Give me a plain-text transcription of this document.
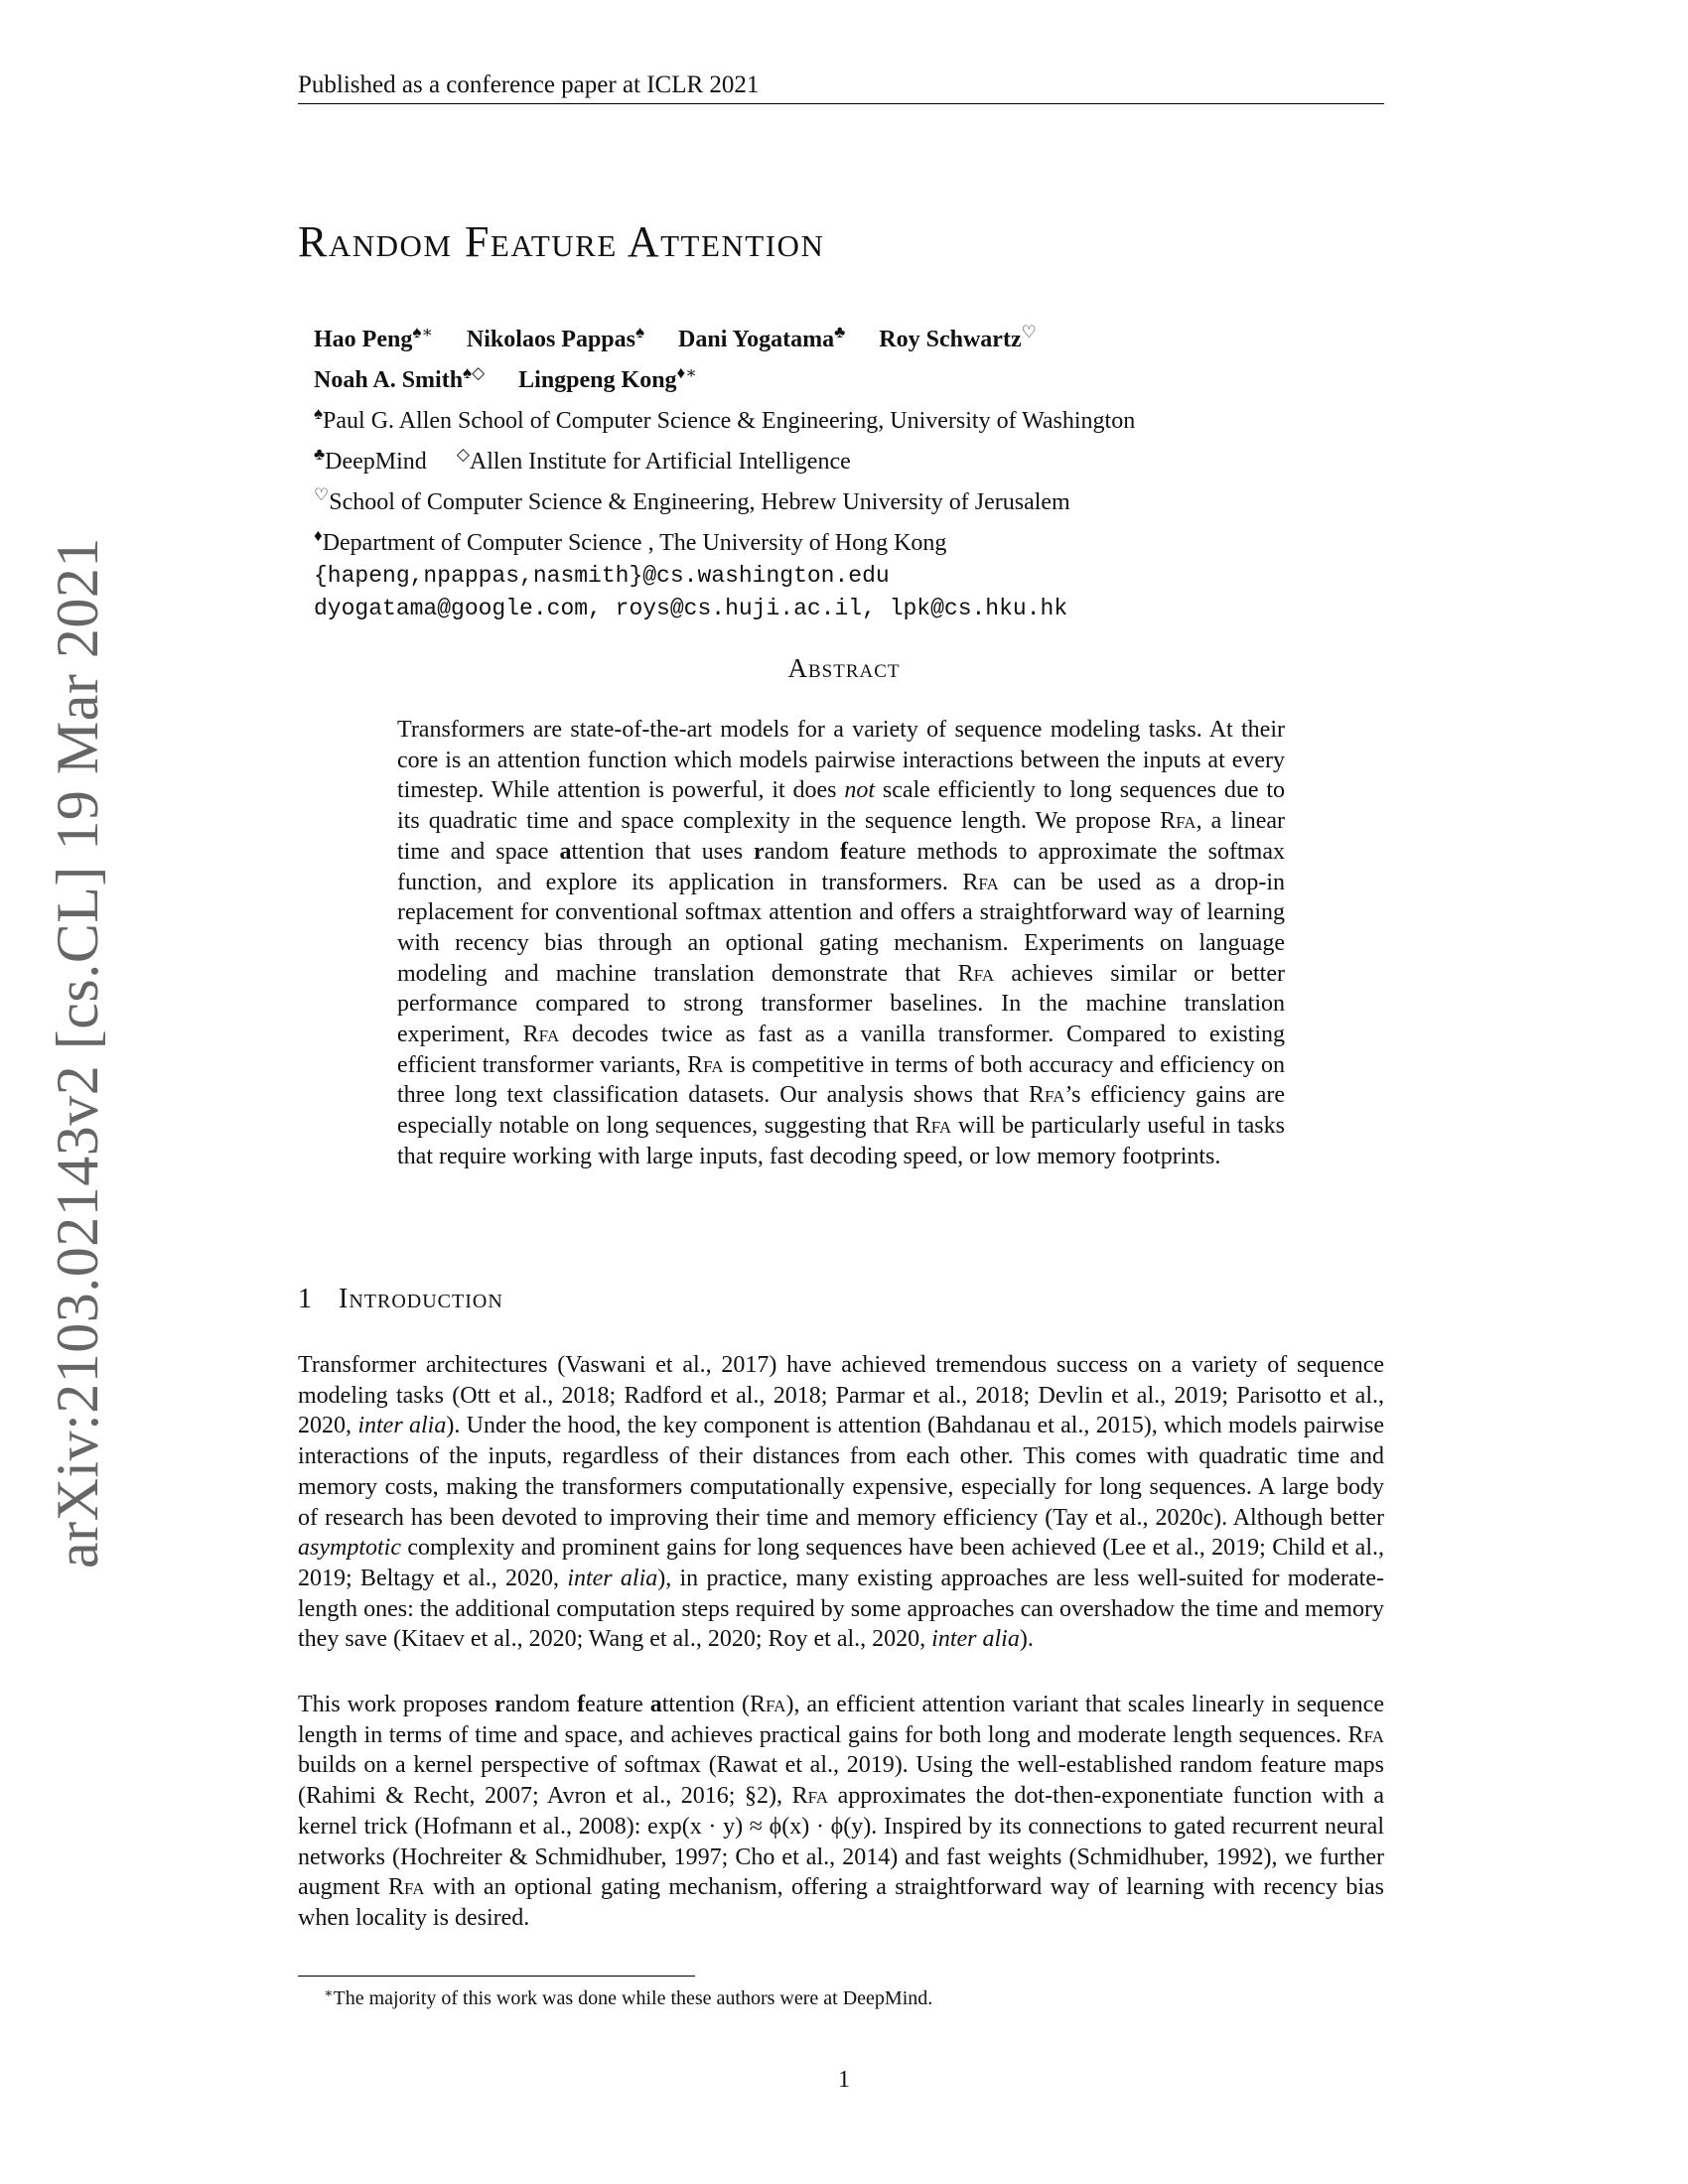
Published as a conference paper at ICLR 2021
Random Feature Attention
Hao Peng♠∗ Nikolaos Pappas♠ Dani Yogatama♣ Roy Schwartz♡
Noah A. Smith♠◇ Lingpeng Kong♦∗
♠Paul G. Allen School of Computer Science & Engineering, University of Washington
♣DeepMind ◇Allen Institute for Artificial Intelligence
♡School of Computer Science & Engineering, Hebrew University of Jerusalem
♦Department of Computer Science , The University of Hong Kong
{hapeng,npappas,nasmith}@cs.washington.edu
dyogatama@google.com, roys@cs.huji.ac.il, lpk@cs.hku.hk
Abstract
Transformers are state-of-the-art models for a variety of sequence modeling tasks. At their core is an attention function which models pairwise interactions between the inputs at every timestep. While attention is powerful, it does not scale efficiently to long sequences due to its quadratic time and space complexity in the sequence length. We propose Rfa, a linear time and space attention that uses random feature methods to approximate the softmax function, and explore its application in transformers. Rfa can be used as a drop-in replacement for conventional softmax attention and offers a straightforward way of learning with recency bias through an optional gating mechanism. Experiments on language modeling and machine translation demonstrate that Rfa achieves similar or better performance compared to strong transformer baselines. In the machine translation experiment, Rfa decodes twice as fast as a vanilla transformer. Compared to existing efficient transformer variants, Rfa is competitive in terms of both accuracy and efficiency on three long text classification datasets. Our analysis shows that Rfa’s efficiency gains are especially notable on long sequences, suggesting that Rfa will be particularly useful in tasks that require working with large inputs, fast decoding speed, or low memory footprints.
1 Introduction
Transformer architectures (Vaswani et al., 2017) have achieved tremendous success on a variety of sequence modeling tasks (Ott et al., 2018; Radford et al., 2018; Parmar et al., 2018; Devlin et al., 2019; Parisotto et al., 2020, inter alia). Under the hood, the key component is attention (Bahdanau et al., 2015), which models pairwise interactions of the inputs, regardless of their distances from each other. This comes with quadratic time and memory costs, making the transformers computationally expensive, especially for long sequences. A large body of research has been devoted to improving their time and memory efficiency (Tay et al., 2020c). Although better asymptotic complexity and prominent gains for long sequences have been achieved (Lee et al., 2019; Child et al., 2019; Beltagy et al., 2020, inter alia), in practice, many existing approaches are less well-suited for moderate-length ones: the additional computation steps required by some approaches can overshadow the time and memory they save (Kitaev et al., 2020; Wang et al., 2020; Roy et al., 2020, inter alia).
This work proposes random feature attention (Rfa), an efficient attention variant that scales linearly in sequence length in terms of time and space, and achieves practical gains for both long and moderate length sequences. Rfa builds on a kernel perspective of softmax (Rawat et al., 2019). Using the well-established random feature maps (Rahimi & Recht, 2007; Avron et al., 2016; §2), Rfa approximates the dot-then-exponentiate function with a kernel trick (Hofmann et al., 2008): exp(x · y) ≈ ϕ(x) · ϕ(y). Inspired by its connections to gated recurrent neural networks (Hochreiter & Schmidhuber, 1997; Cho et al., 2014) and fast weights (Schmidhuber, 1992), we further augment Rfa with an optional gating mechanism, offering a straightforward way of learning with recency bias when locality is desired.
∗The majority of this work was done while these authors were at DeepMind.
1
arXiv:2103.02143v2 [cs.CL] 19 Mar 2021
